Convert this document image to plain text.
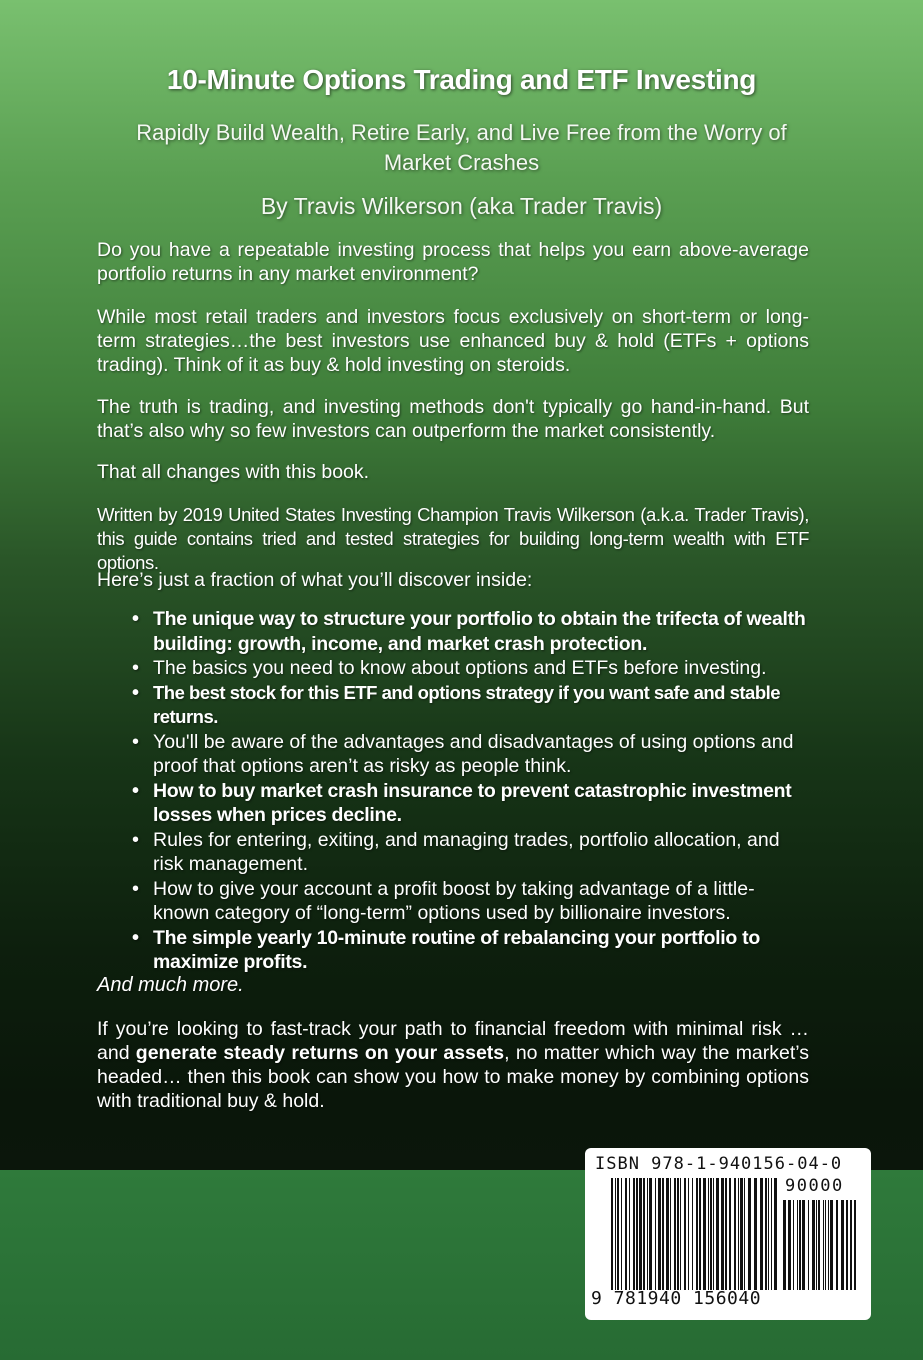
10-Minute Options Trading and ETF Investing
Rapidly Build Wealth, Retire Early, and Live Free from the Worry of Market Crashes
By Travis Wilkerson (aka Trader Travis)
Do you have a repeatable investing process that helps you earn above-average portfolio returns in any market environment?
While most retail traders and investors focus exclusively on short-term or long-term strategies…the best investors use enhanced buy & hold (ETFs + options trading). Think of it as buy & hold investing on steroids.
The truth is trading, and investing methods don't typically go hand-in-hand. But that’s also why so few investors can outperform the market consistently.
That all changes with this book.
Written by 2019 United States Investing Champion Travis Wilkerson (a.k.a. Trader Travis), this guide contains tried and tested strategies for building long-term wealth with ETF options.
Here’s just a fraction of what you’ll discover inside:
• The unique way to structure your portfolio to obtain the trifecta of wealth building: growth, income, and market crash protection.
• The basics you need to know about options and ETFs before investing.
• The best stock for this ETF and options strategy if you want safe and stable returns.
• You'll be aware of the advantages and disadvantages of using options and proof that options aren’t as risky as people think.
• How to buy market crash insurance to prevent catastrophic investment losses when prices decline.
• Rules for entering, exiting, and managing trades, portfolio allocation, and risk management.
• How to give your account a profit boost by taking advantage of a little-known category of “long-term” options used by billionaire investors.
• The simple yearly 10-minute routine of rebalancing your portfolio to maximize profits.
And much more.
If you’re looking to fast-track your path to financial freedom with minimal risk … and generate steady returns on your assets, no matter which way the market’s headed… then this book can show you how to make money by combining options with traditional buy & hold.
ISBN 978-1-940156-04-0
90000
9 781940 156040
